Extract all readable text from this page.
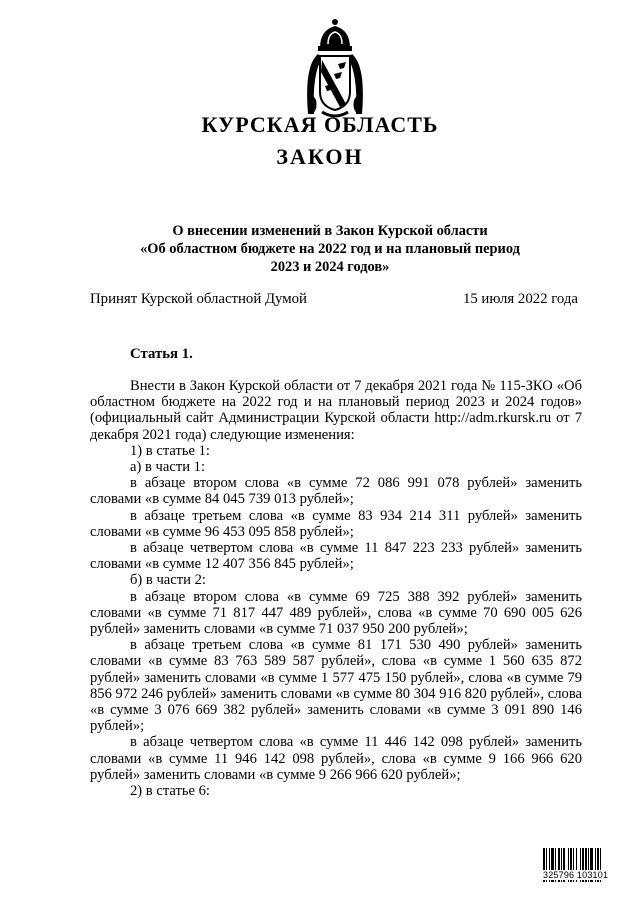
КУРСКАЯ ОБЛАСТЬ
ЗАКОН
О внесении изменений в Закон Курской области
«Об областном бюджете на 2022 год и на плановый период
2023 и 2024 годов»
Принят Курской областной Думой	15 июля 2022 года
Статья 1.

Внести в Закон Курской области от 7 декабря 2021 года № 115-ЗКО «Об областном бюджете на 2022 год и на плановый период 2023 и 2024 годов» (официальный сайт Администрации Курской области http://adm.rkursk.ru от 7 декабря 2021 года) следующие изменения:

1) в статье 1:

а) в части 1:

в абзаце втором слова «в сумме 72 086 991 078 рублей» заменить словами «в сумме 84 045 739 013 рублей»;

в абзаце третьем слова «в сумме 83 934 214 311 рублей» заменить словами «в сумме 96 453 095 858 рублей»;

в абзаце четвертом слова «в сумме 11 847 223 233 рублей» заменить словами «в сумме 12 407 356 845 рублей»;

б) в части 2:

в абзаце втором слова «в сумме 69 725 388 392 рублей» заменить словами «в сумме 71 817 447 489 рублей», слова «в сумме 70 690 005 626 рублей» заменить словами «в сумме 71 037 950 200 рублей»;

в абзаце третьем слова «в сумме 81 171 530 490 рублей» заменить словами «в сумме 83 763 589 587 рублей», слова «в сумме 1 560 635 872 рублей» заменить словами «в сумме 1 577 475 150 рублей», слова «в сумме 79 856 972 246 рублей» заменить словами «в сумме 80 304 916 820 рублей», слова «в сумме 3 076 669 382 рублей» заменить словами «в сумме 3 091 890 146 рублей»;

в абзаце четвертом слова «в сумме 11 446 142 098 рублей» заменить словами «в сумме 11 946 142 098 рублей», слова «в сумме 9 166 966 620 рублей» заменить словами «в сумме 9 266 966 620 рублей»;

2) в статье 6:

325796 103101
